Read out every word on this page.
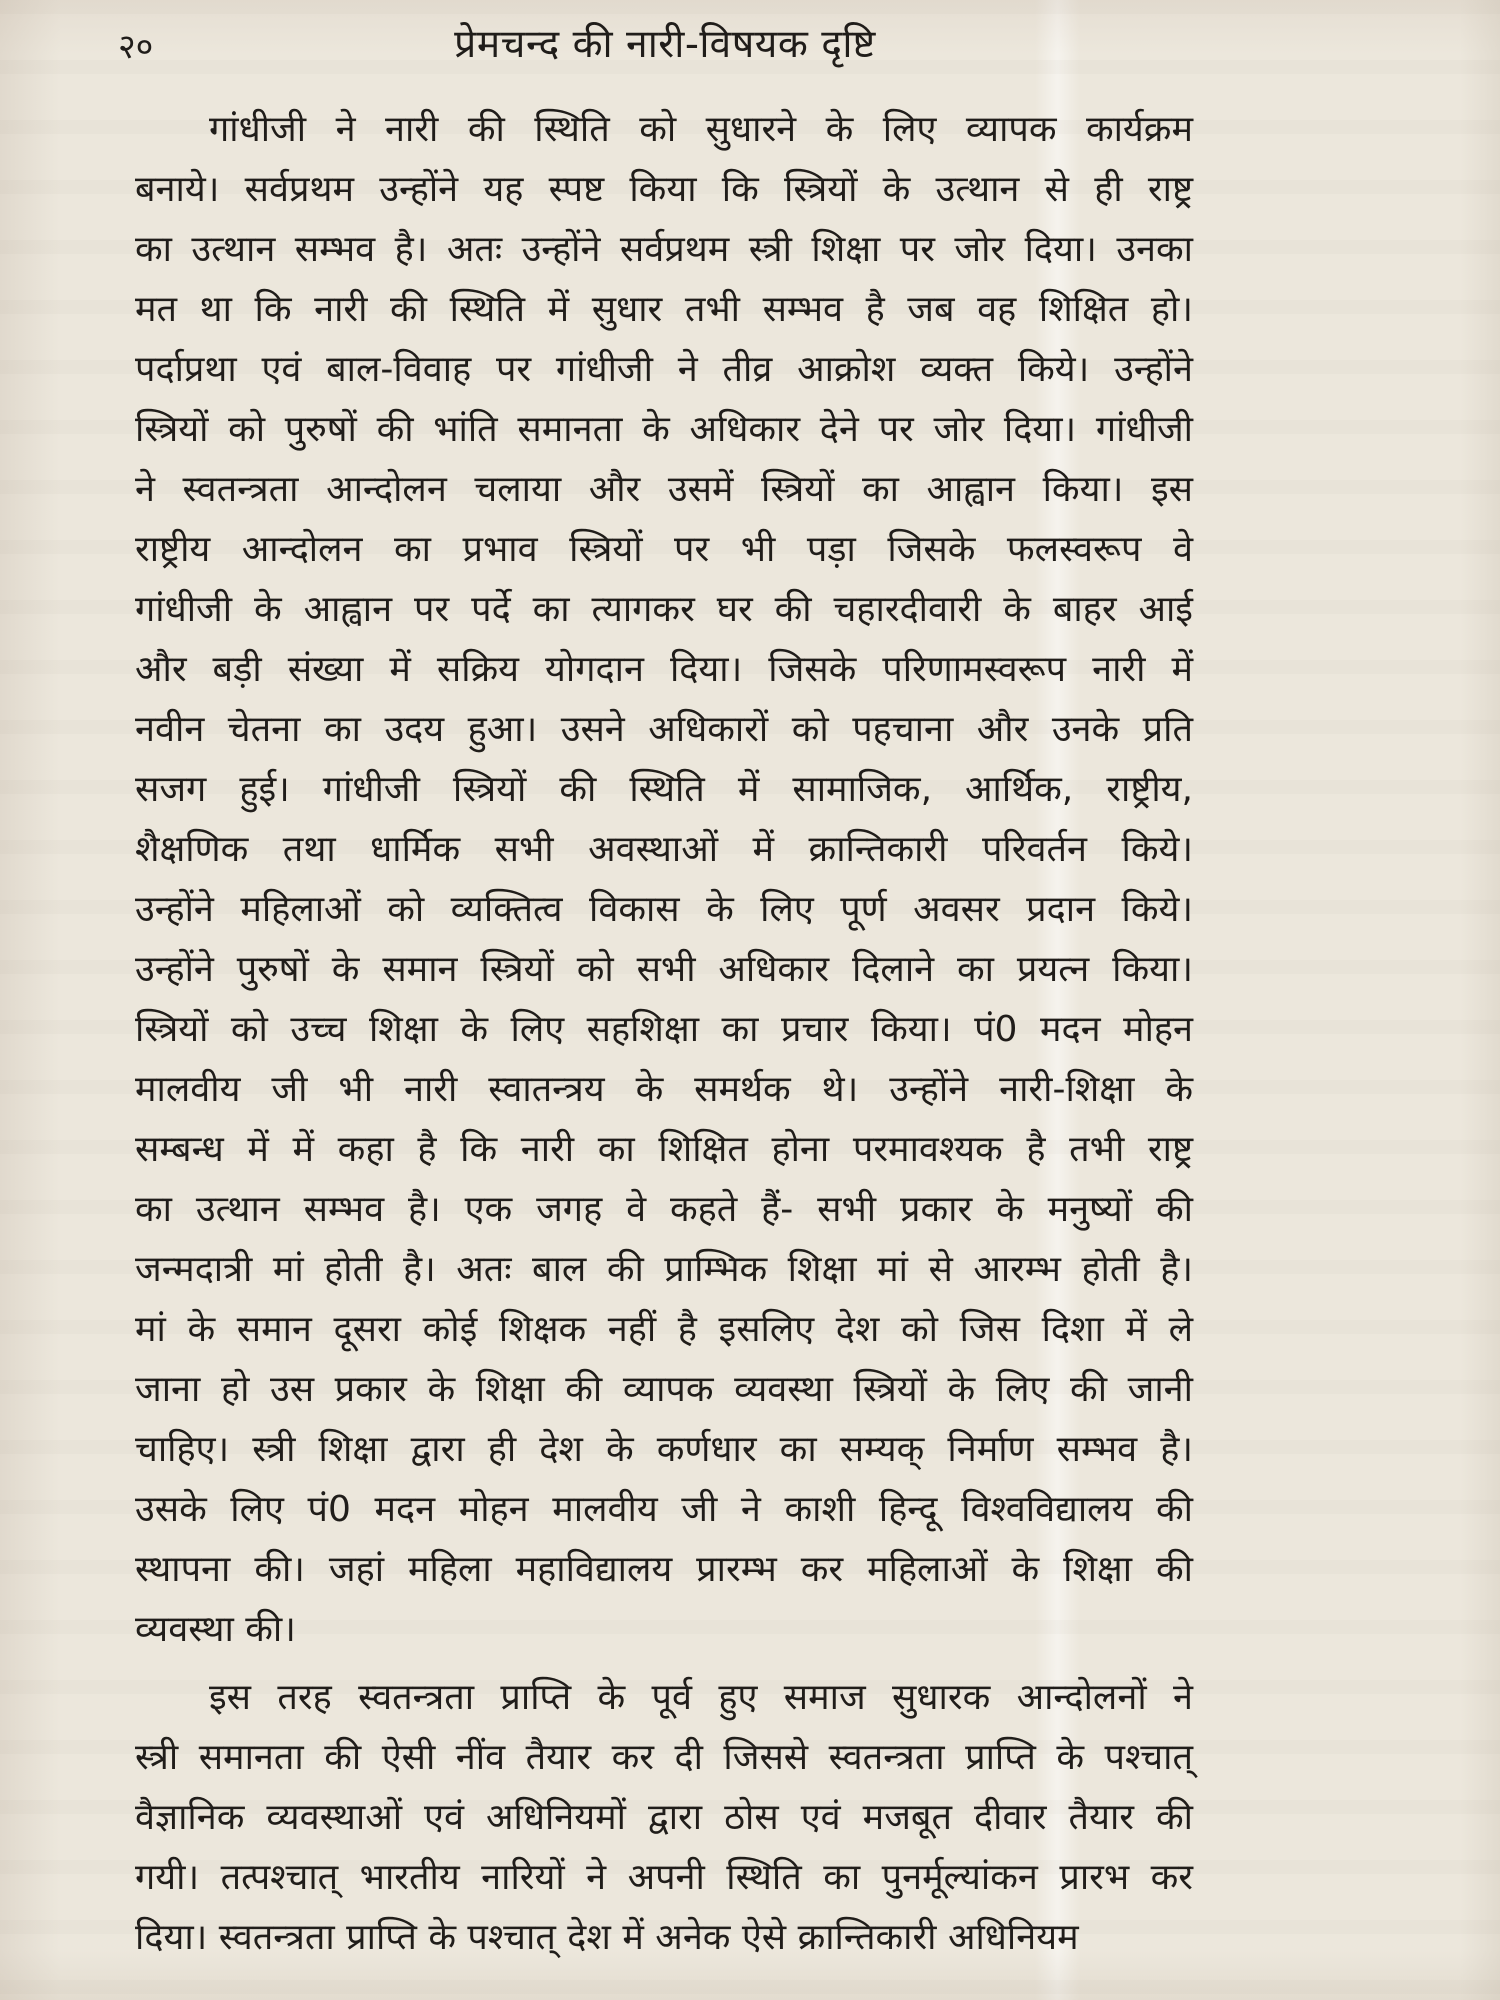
२०	प्रेमचन्द की नारी-विषयक दृष्टि
गांधीजी ने नारी की स्थिति को सुधारने के लिए व्यापक कार्यक्रम
बनाये। सर्वप्रथम उन्होंने यह स्पष्ट किया कि स्त्रियों के उत्थान से ही राष्ट्र
का उत्थान सम्भव है। अतः उन्होंने सर्वप्रथम स्त्री शिक्षा पर जोर दिया। उनका
मत था कि नारी की स्थिति में सुधार तभी सम्भव है जब वह शिक्षित हो।
पर्दाप्रथा एवं बाल-विवाह पर गांधीजी ने तीव्र आक्रोश व्यक्त किये। उन्होंने
स्त्रियों को पुरुषों की भांति समानता के अधिकार देने पर जोर दिया। गांधीजी
ने स्वतन्त्रता आन्दोलन चलाया और उसमें स्त्रियों का आह्वान किया। इस
राष्ट्रीय आन्दोलन का प्रभाव स्त्रियों पर भी पड़ा जिसके फलस्वरूप वे
गांधीजी के आह्वान पर पर्दे का त्यागकर घर की चहारदीवारी के बाहर आई
और बड़ी संख्या में सक्रिय योगदान दिया। जिसके परिणामस्वरूप नारी में
नवीन चेतना का उदय हुआ। उसने अधिकारों को पहचाना और उनके प्रति
सजग हुई। गांधीजी स्त्रियों की स्थिति में सामाजिक, आर्थिक, राष्ट्रीय,
शैक्षणिक तथा धार्मिक सभी अवस्थाओं में क्रान्तिकारी परिवर्तन किये।
उन्होंने महिलाओं को व्यक्तित्व विकास के लिए पूर्ण अवसर प्रदान किये।
उन्होंने पुरुषों के समान स्त्रियों को सभी अधिकार दिलाने का प्रयत्न किया।
स्त्रियों को उच्च शिक्षा के लिए सहशिक्षा का प्रचार किया। पं0 मदन मोहन
मालवीय जी भी नारी स्वातन्त्रय के समर्थक थे। उन्होंने नारी-शिक्षा के
सम्बन्ध में में कहा है कि नारी का शिक्षित होना परमावश्यक है तभी राष्ट्र
का उत्थान सम्भव है। एक जगह वे कहते हैं- सभी प्रकार के मनुष्यों की
जन्मदात्री मां होती है। अतः बाल की प्राम्भिक शिक्षा मां से आरम्भ होती है।
मां के समान दूसरा कोई शिक्षक नहीं है इसलिए देश को जिस दिशा में ले
जाना हो उस प्रकार के शिक्षा की व्यापक व्यवस्था स्त्रियों के लिए की जानी
चाहिए। स्त्री शिक्षा द्वारा ही देश के कर्णधार का सम्यक् निर्माण सम्भव है।
उसके लिए पं0 मदन मोहन मालवीय जी ने काशी हिन्दू विश्वविद्यालय की
स्थापना की। जहां महिला महाविद्यालय प्रारम्भ कर महिलाओं के शिक्षा की
व्यवस्था की।
इस तरह स्वतन्त्रता प्राप्ति के पूर्व हुए समाज सुधारक आन्दोलनों ने
स्त्री समानता की ऐसी नींव तैयार कर दी जिससे स्वतन्त्रता प्राप्ति के पश्चात्
वैज्ञानिक व्यवस्थाओं एवं अधिनियमों द्वारा ठोस एवं मजबूत दीवार तैयार की
गयी। तत्पश्चात् भारतीय नारियों ने अपनी स्थिति का पुनर्मूल्यांकन प्रारभ कर
दिया। स्वतन्त्रता प्राप्ति के पश्चात् देश में अनेक ऐसे क्रान्तिकारी अधिनियम
